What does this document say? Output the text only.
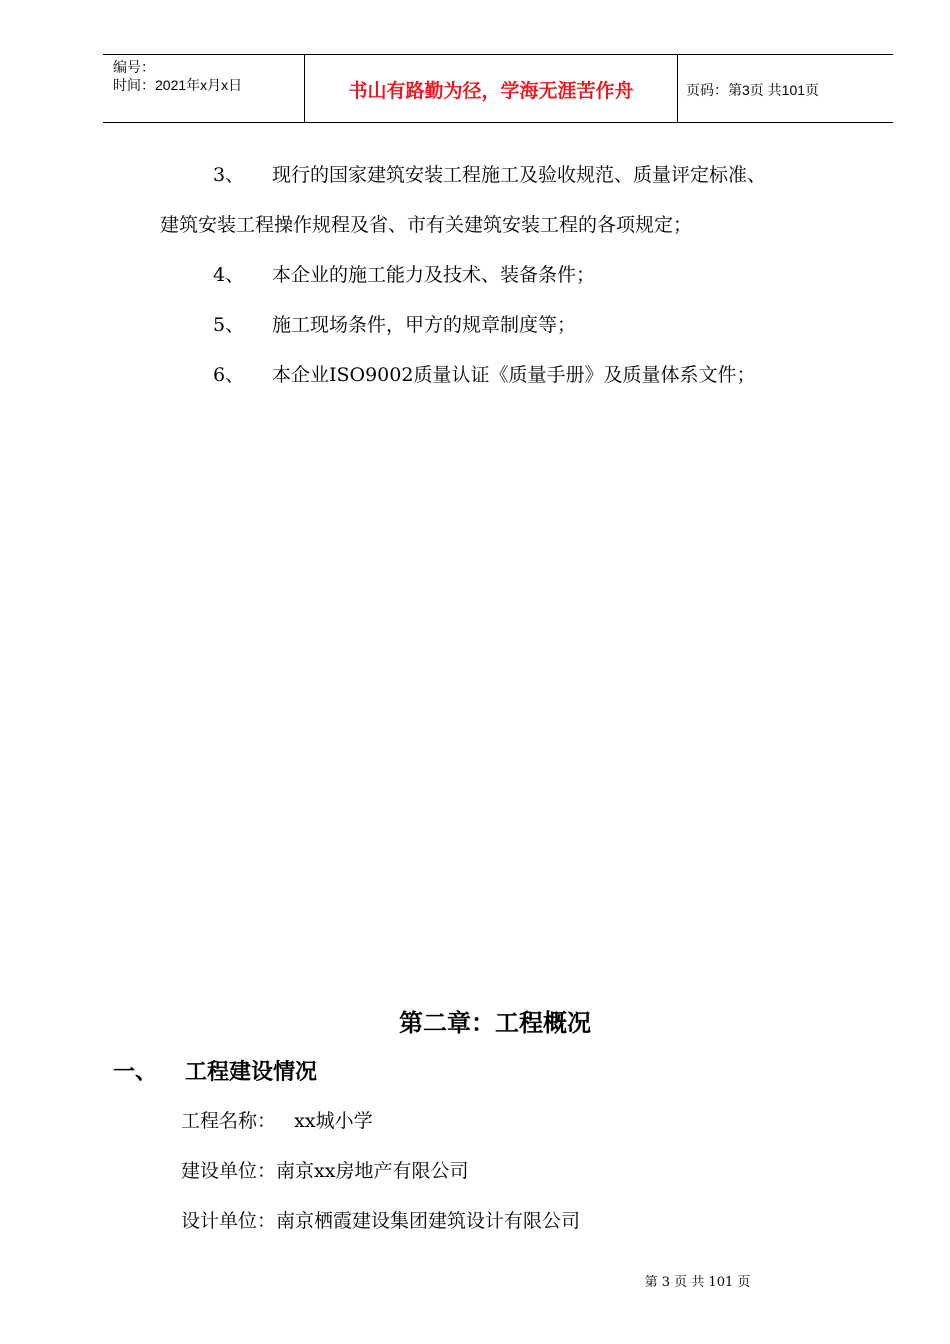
编号：
时间：2021年x月x日	书山有路勤为径，学海无涯苦作舟	页码：第3页 共101页
3、 现行的国家建筑安装工程施工及验收规范、质量评定标准、
建筑安装工程操作规程及省、市有关建筑安装工程的各项规定；
4、 本企业的施工能力及技术、装备条件；
5、 施工现场条件，甲方的规章制度等；
6、 本企业ISO9002质量认证《质量手册》及质量体系文件；
第二章：工程概况
一、 工程建设情况
工程名称：   xx城小学
建设单位：南京xx房地产有限公司
设计单位：南京栖霞建设集团建筑设计有限公司
第 3 页 共 101 页
